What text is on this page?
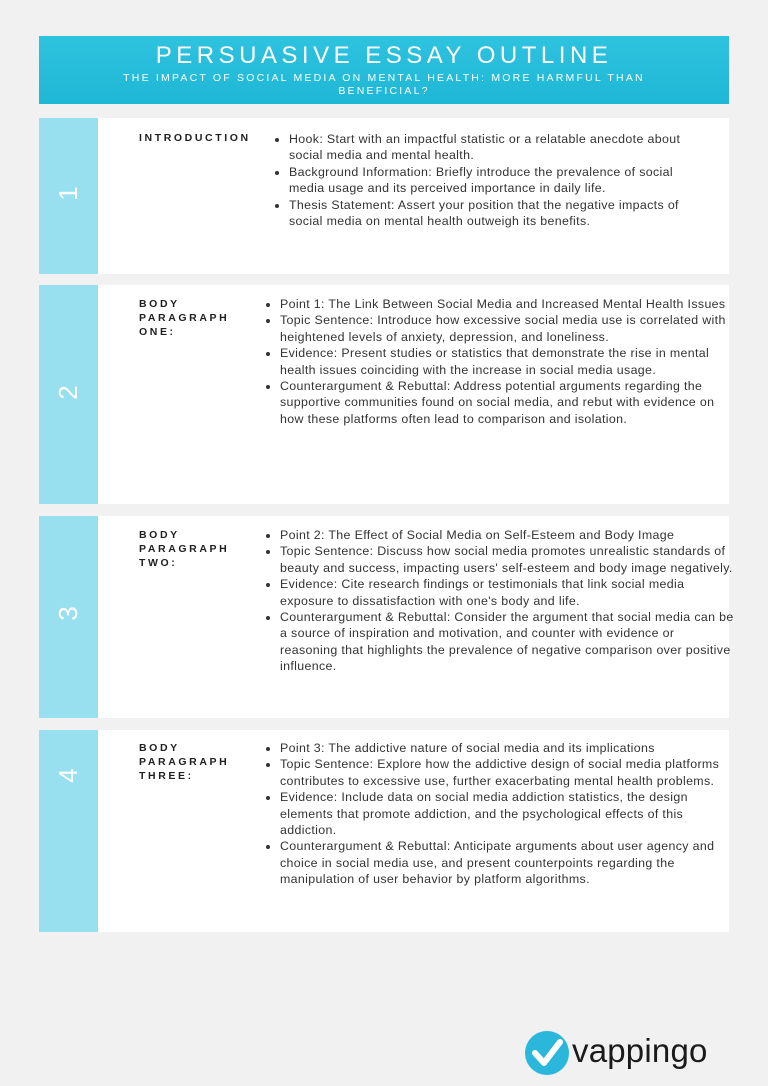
PERSUASIVE ESSAY OUTLINE
THE IMPACT OF SOCIAL MEDIA ON MENTAL HEALTH: MORE HARMFUL THAN BENEFICIAL?
1
INTRODUCTION
•	Hook: Start with an impactful statistic or a relatable anecdote about social media and mental health.
• Background Information: Briefly introduce the prevalence of social media usage and its perceived importance in daily life.
• Thesis Statement: Assert your position that the negative impacts of social media on mental health outweigh its benefits.
2
BODY
PARAGRAPH
ONE:
• Point 1: The Link Between Social Media and Increased Mental Health Issues
• Topic Sentence: Introduce how excessive social media use is correlated with heightened levels of anxiety, depression, and loneliness.
• Evidence: Present studies or statistics that demonstrate the rise in mental health issues coinciding with the increase in social media usage.
• Counterargument & Rebuttal: Address potential arguments regarding the supportive communities found on social media, and rebut with evidence on how these platforms often lead to comparison and isolation.
3
BODY
PARAGRAPH
TWO:
• Point 2: The Effect of Social Media on Self-Esteem and Body Image
• Topic Sentence: Discuss how social media promotes unrealistic standards of beauty and success, impacting users' self-esteem and body image negatively.
• Evidence: Cite research findings or testimonials that link social media exposure to dissatisfaction with one's body and life.
• Counterargument & Rebuttal: Consider the argument that social media can be a source of inspiration and motivation, and counter with evidence or reasoning that highlights the prevalence of negative comparison over positive influence.
4
BODY
PARAGRAPH
THREE:
• Point 3: The addictive nature of social media and its implications
• Topic Sentence: Explore how the addictive design of social media platforms contributes to excessive use, further exacerbating mental health problems.
• Evidence: Include data on social media addiction statistics, the design elements that promote addiction, and the psychological effects of this addiction.
• Counterargument & Rebuttal: Anticipate arguments about user agency and choice in social media use, and present counterpoints regarding the manipulation of user behavior by platform algorithms.
vappingo
